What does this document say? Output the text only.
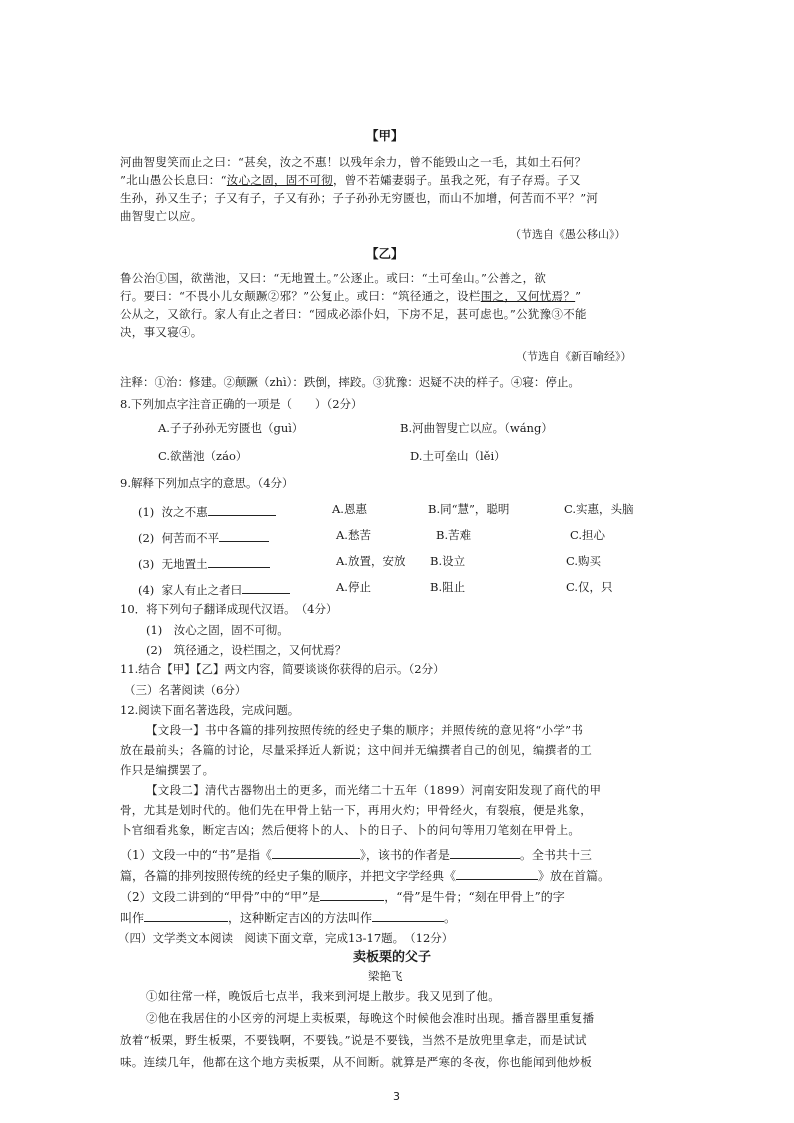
【甲】
河曲智叟笑而止之曰：“甚矣，汝之不惠！以残年余力，曾不能毁山之一毛，其如土石何？
”北山愚公长息曰：“汝心之固，固不可彻，曾不若孀妻弱子。虽我之死，有子存焉。子又
生孙，孙又生子；子又有子，子又有孙；子子孙孙无穷匮也，而山不加增，何苦而不平？”河
曲智叟亡以应。
（节选自《愚公移山》）
【乙】
鲁公治①国，欲凿池，又曰：“无地置土。”公逐止。或曰：“土可垒山。”公善之，欲
行。要曰：“不畏小儿女颠蹶②邪？”公复止。或曰：“筑径通之，设栏围之，又何忧焉？”
公从之，又欲行。家人有止之者曰：“园成必添仆妇，下房不足，甚可虑也。”公犹豫③不能
决，事又寝④。
（节选自《新百喻经》）
注释：①治：修建。②颠蹶（zhì）：跌倒，摔跤。③犹豫：迟疑不决的样子。④寝：停止。
8.下列加点字注音正确的一项是（　　）（2分）
A.子子孙孙无穷匮也（guì）	B.河曲智叟亡以应。（wáng）
C.欲凿池（záo）	D.土可垒山（lěi）
9.解释下列加点字的意思。（4分）
(1) 汝之不惠	A.恩惠	B.同“慧”，聪明	C.实惠，头脑
(2) 何苦而不平	A.愁苦	B.苦难	C.担心
(3) 无地置土	A.放置，安放 B.设立	C.购买
(4) 家人有止之者曰	A.停止	B.阻止	C.仅，只
10．将下列句子翻译成现代汉语。　（4分）
(1)　汝心之固，固不可彻。
(2)　筑径通之，设栏围之，又何忧焉？
11.结合【甲】【乙】两文内容，简要谈谈你获得的启示。（2分）
（三）名著阅读（6分）
12.阅读下面名著选段，完成问题。
【文段一】书中各篇的排列按照传统的经史子集的顺序；并照传统的意见将“小学”书
放在最前头；各篇的讨论，尽量采择近人新说；这中间并无编撰者自己的创见，编撰者的工
作只是编撰罢了。
【文段二】清代古器物出土的更多，而光绪二十五年（1899）河南安阳发现了商代的甲
骨，尤其是划时代的。他们先在甲骨上钻一下，再用火灼；甲骨经火，有裂痕，便是兆象，
卜官细看兆象，断定吉凶；然后便将卜的人、卜的日子、卜的问句等用刀笔刻在甲骨上。
（1）文段一中的“书”是指《	》，该书的作者是	。全书共十三
篇，各篇的排列按照传统的经史子集的顺序，并把文字学经典《	》放在首篇。
（2）文段二讲到的“甲骨”中的“甲”是	，“骨”是牛骨；“刻在甲骨上”的字
叫作	，这种断定吉凶的方法叫作	。
（四）文学类文本阅读　阅读下面文章，完成13-17题。　（12分）
卖板栗的父子
梁艳飞
①如往常一样，晚饭后七点半，我来到河堤上散步。我又见到了他。
②他在我居住的小区旁的河堤上卖板栗，每晚这个时候他会准时出现。播音器里重复播
放着“板栗，野生板栗，不要钱啊，不要钱。”说是不要钱，当然不是放兜里拿走，而是试试
味。连续几年，他都在这个地方卖板栗，从不间断。就算是严寒的冬夜，你也能闻到他炒板
3
